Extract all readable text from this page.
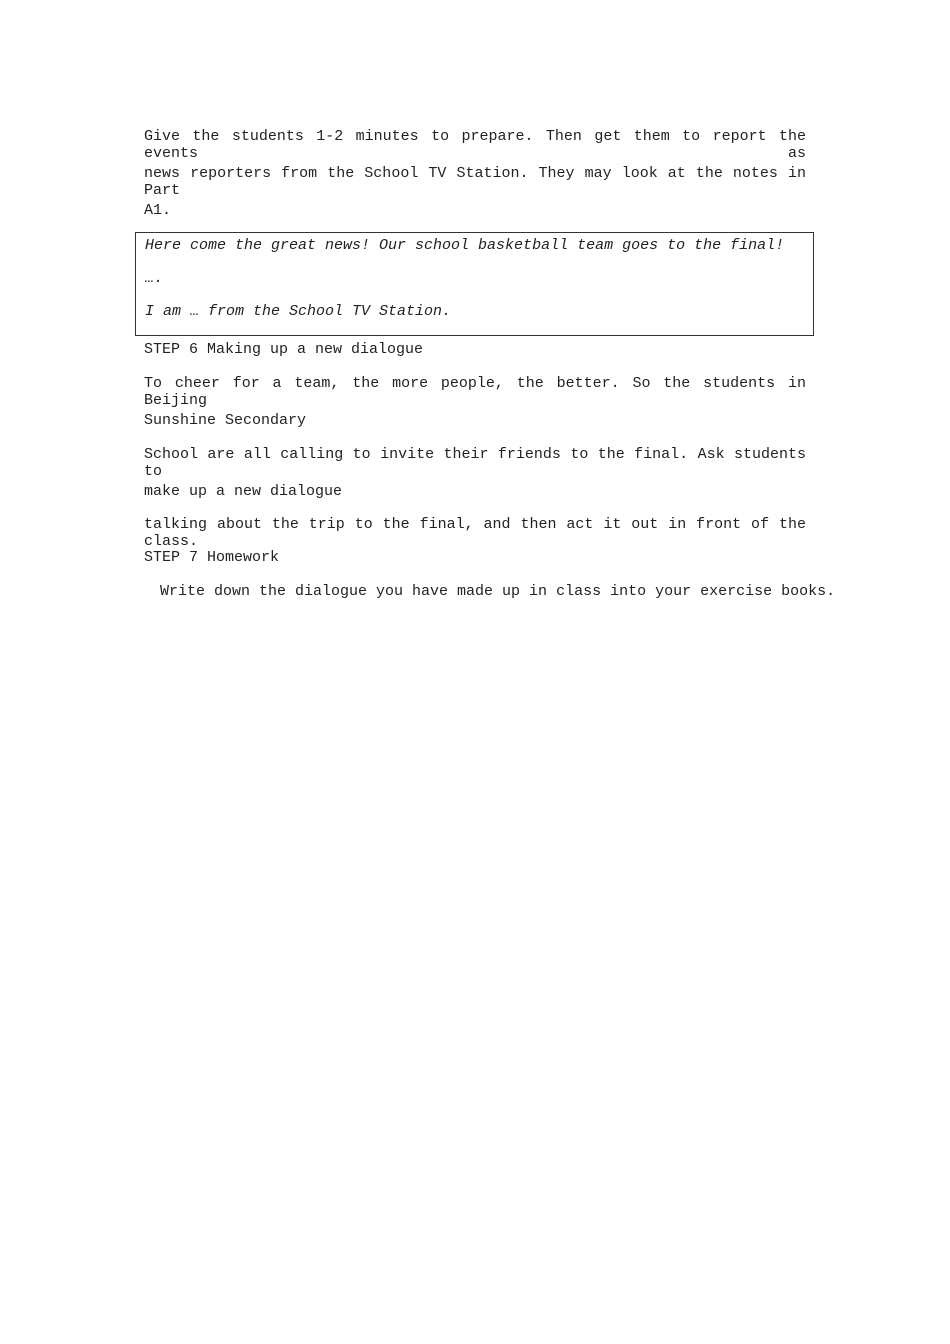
Give the students 1-2 minutes to prepare. Then get them to report the events as
news reporters from the School TV Station. They may look at the notes in Part
A1.
Here come the great news! Our school basketball team goes to the final!
….
I am … from the School TV Station.
STEP 6 Making up a new dialogue
To cheer for a team, the more people, the better. So the students in Beijing
Sunshine Secondary
School are all calling to invite their friends to the final. Ask students to
make up a new dialogue
talking about the trip to the final, and then act it out in front of the class.
STEP 7 Homework
Write down the dialogue you have made up in class into your exercise books.
